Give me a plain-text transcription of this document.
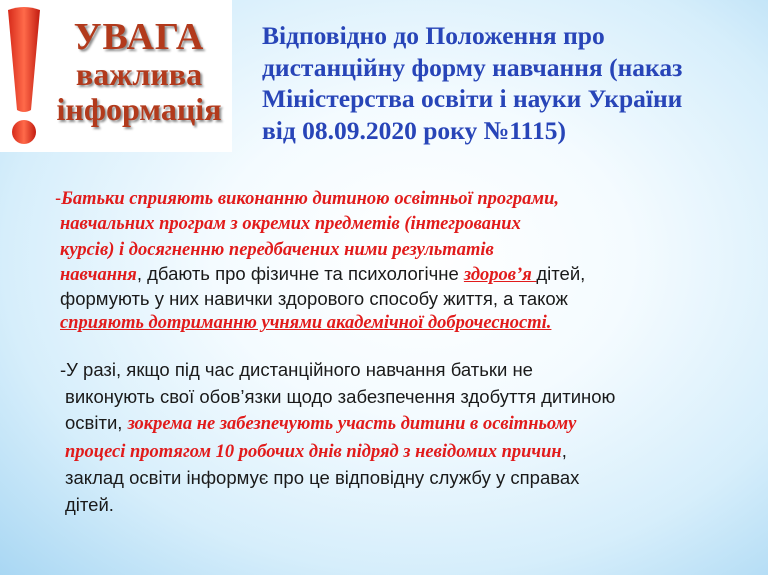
УВАГА
важлива
інформація
Відповідно до Положення про
дистанційну форму навчання (наказ
Міністерства освіти і науки України
від 08.09.2020 року №1115)
-Батьки сприяють виконанню дитиною освітньої програми,
навчальних програм з окремих предметів (інтегрованих
курсів) і досягненню передбачених ними результатів
навчання, дбають про фізичне та психологічне здоров’я дітей,
формують у них навички здорового способу життя, а також
сприяють дотриманню учнями академічної доброчесності.
-У разі, якщо під час дистанційного навчання батьки не
виконують свої обов’язки щодо забезпечення здобуття дитиною
освіти, зокрема не забезпечують участь дитини в освітньому
процесі протягом 10 робочих днів підряд з невідомих причин,
заклад освіти інформує про це відповідну службу у справах
дітей.
